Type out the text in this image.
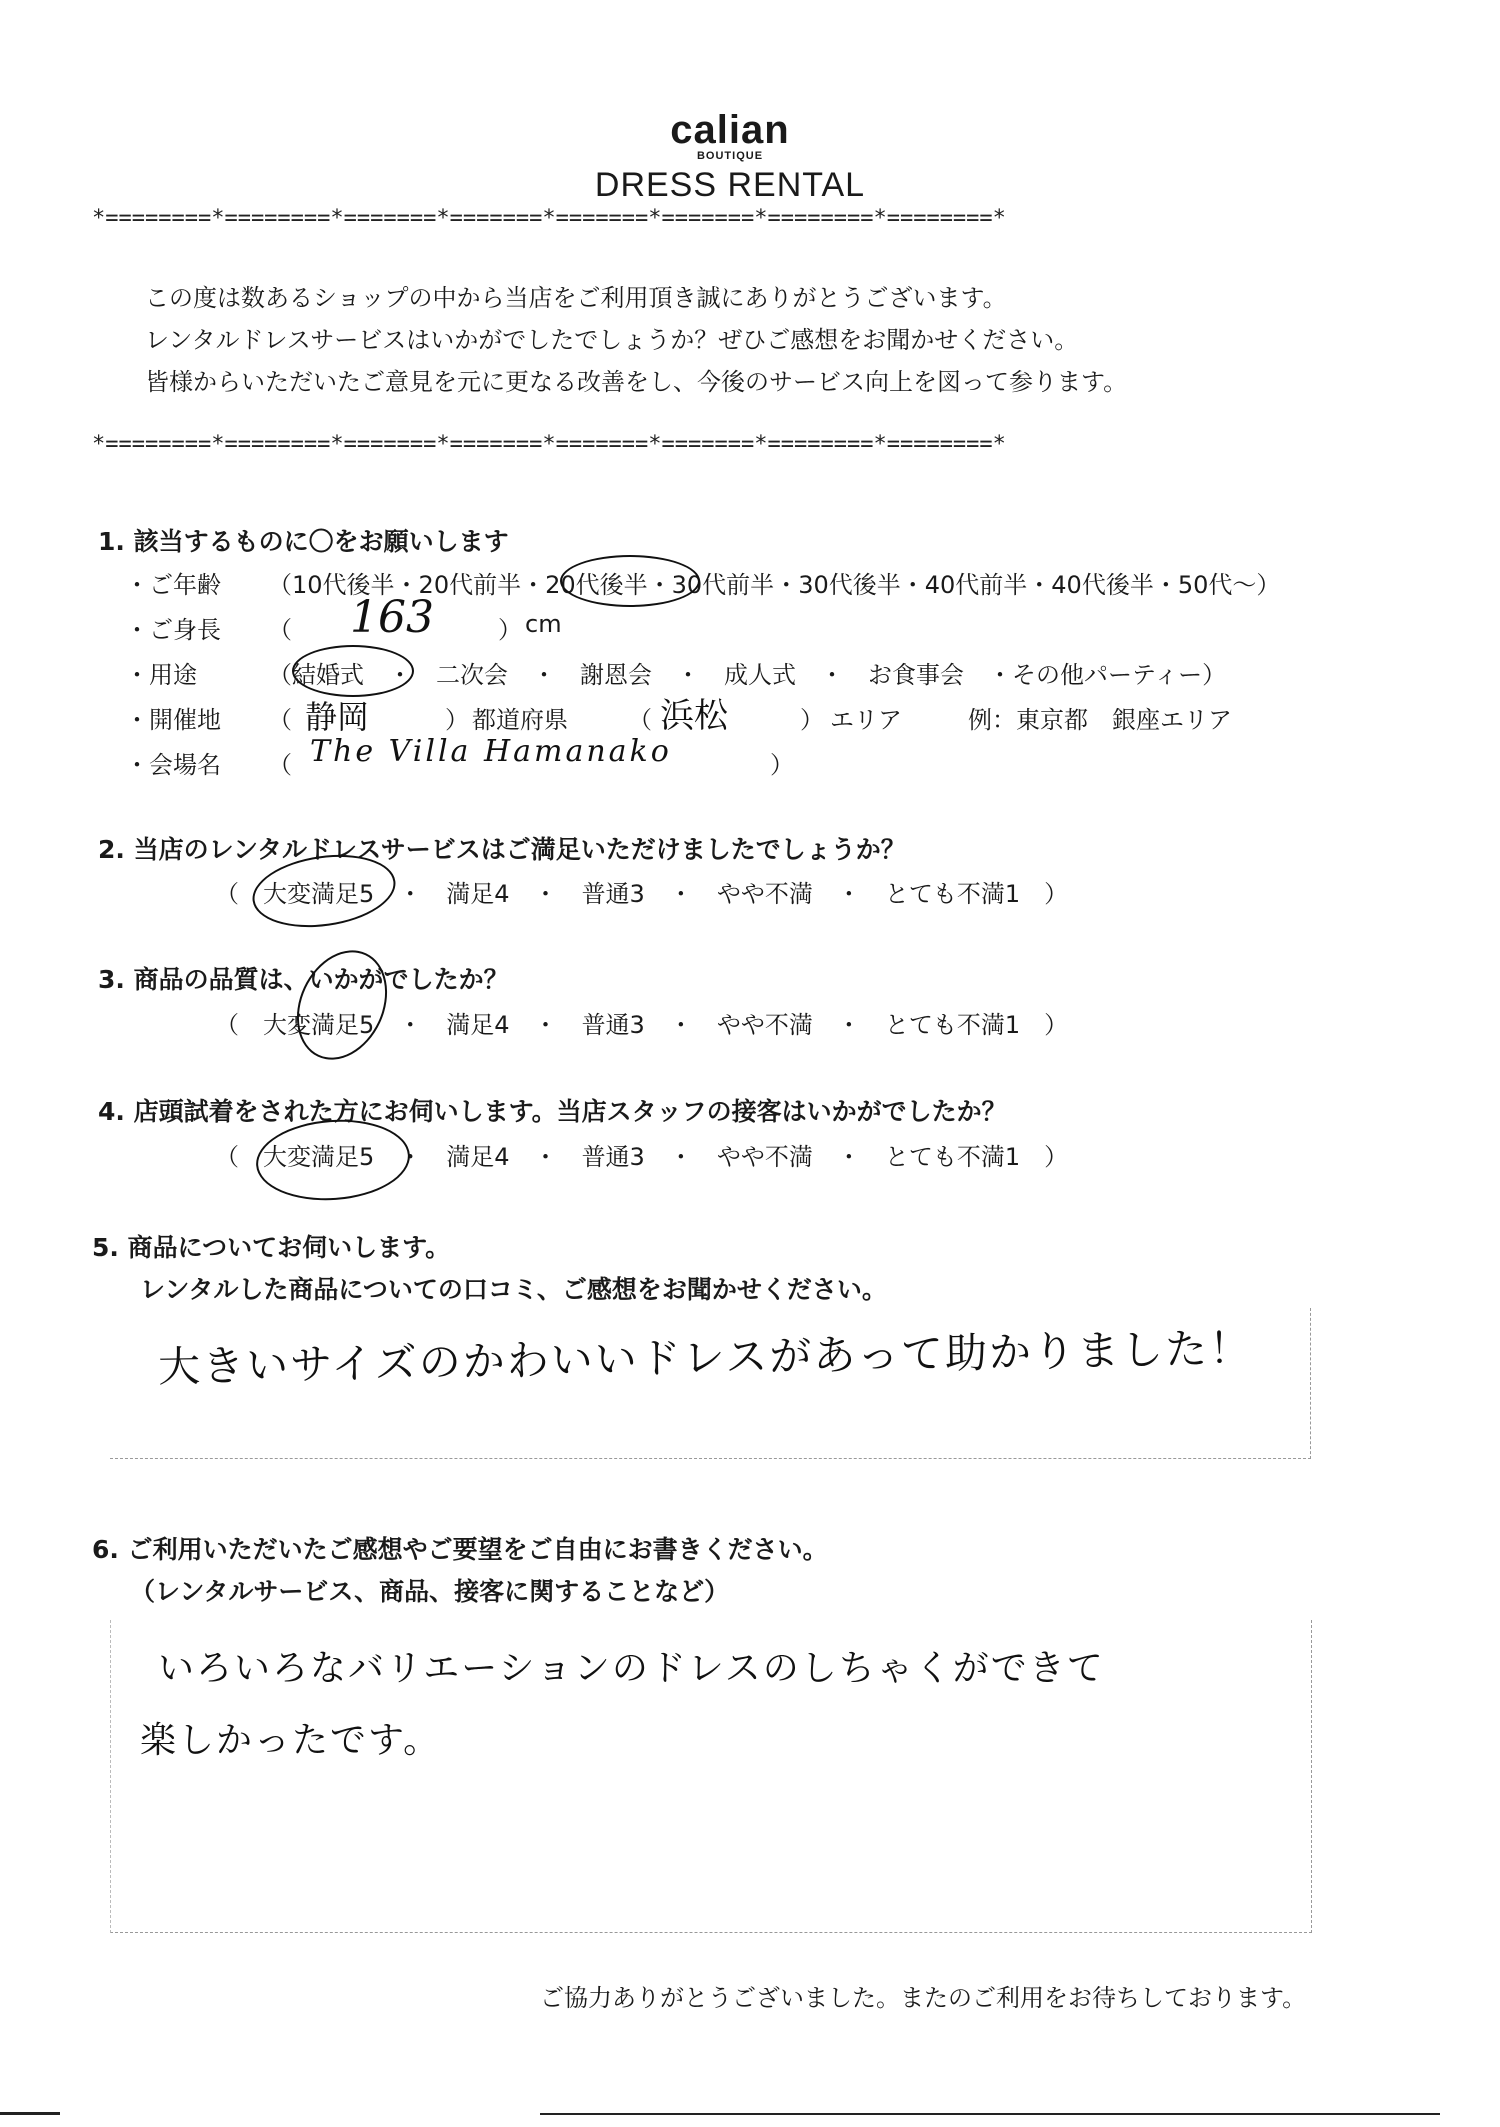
calian
BOUTIQUE
DRESS RENTAL
*========*========*=======*=======*=======*=======*========*========*
この度は数あるショップの中から当店をご利用頂き誠にありがとうございます。
レンタルドレスサービスはいかがでしたでしょうか？ぜひご感想をお聞かせください。
皆様からいただいたご意見を元に更なる改善をし、今後のサービス向上を図って参ります。
*========*========*=======*=======*=======*=======*========*========*
1. 該当するものに〇をお願いします
・ご年齢 （10代後半・20代前半・20代後半・30代前半・30代後半・40代前半・40代後半・50代〜）
・ご身長 （ 163	） cm
・用途	（結婚式　・　二次会　・　謝恩会　・　成人式　・　お食事会　・その他パーティー）
・開催地 （ 静岡	） 都道府県	（ 浜松	） エリア	例：東京都　銀座エリア
・会場名 （ The Villa Hamanako	）
2. 当店のレンタルドレスサービスはご満足いただけましたでしょうか？
（　大変満足5　・　満足4　・　普通3　・　やや不満　・　とても不満1　）
3. 商品の品質は、いかがでしたか？
（　大変満足5　・　満足4　・　普通3　・　やや不満　・　とても不満1　）
4. 店頭試着をされた方にお伺いします。当店スタッフの接客はいかがでしたか？
（　大変満足5　・　満足4　・　普通3　・　やや不満　・　とても不満1　）
5. 商品についてお伺いします。
レンタルした商品についての口コミ、ご感想をお聞かせください。
大きいサイズのかわいいドレスがあって助かりました！
6. ご利用いただいたご感想やご要望をご自由にお書きください。
（レンタルサービス、商品、接客に関することなど）
いろいろなバリエーションのドレスのしちゃくができて
楽しかったです。
ご協力ありがとうございました。またのご利用をお待ちしております。
